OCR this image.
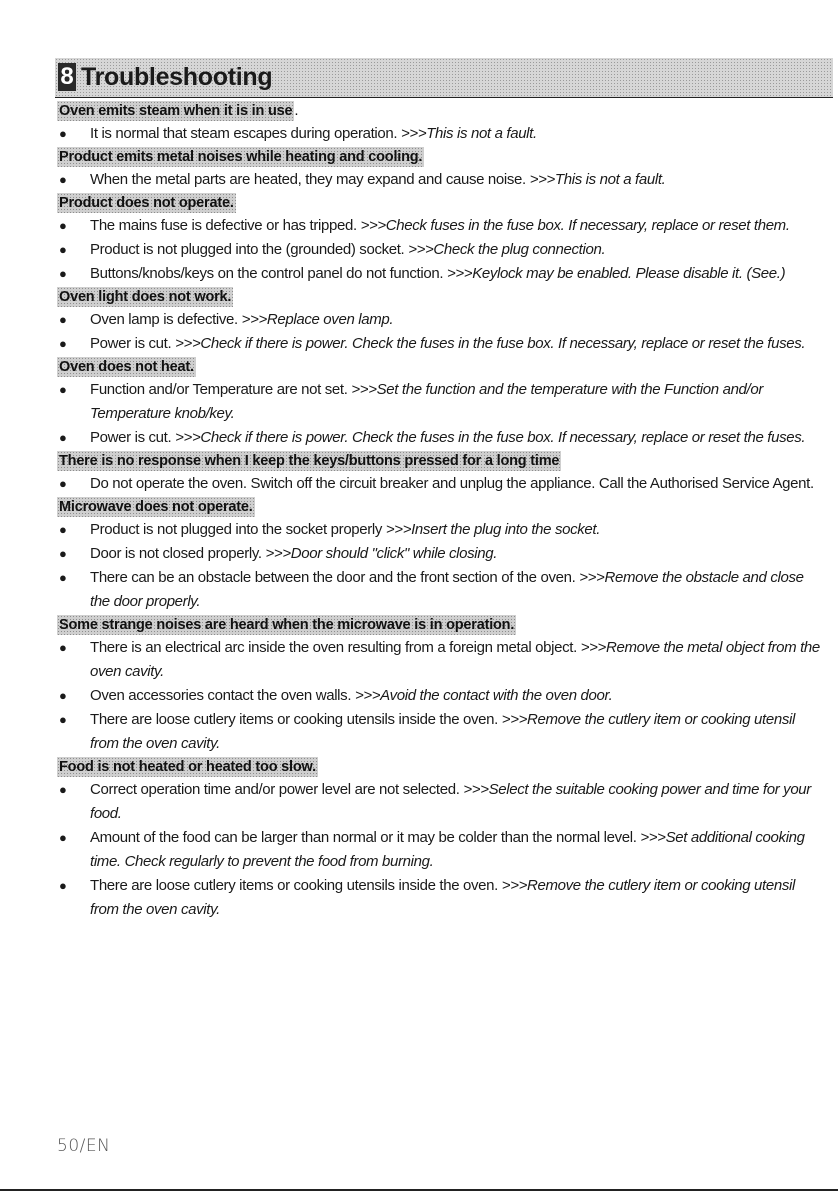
8 Troubleshooting
Oven emits steam when it is in use .
● It is normal that steam escapes during operation. >>>This is not a fault.
Product emits metal noises while heating and cooling.
● When the metal parts are heated, they may expand and cause noise. >>>This is not a fault.
Product does not operate.
● The mains fuse is defective or has tripped. >>>Check fuses in the fuse box. If necessary, replace or reset them.
● Product is not plugged into the (grounded) socket. >>>Check the plug connection.
● Buttons/knobs/keys on the control panel do not function. >>>Keylock may be enabled. Please disable it. (See.)
Oven light does not work.
● Oven lamp is defective. >>>Replace oven lamp.
● Power is cut. >>>Check if there is power. Check the fuses in the fuse box. If necessary, replace or reset the fuses.
Oven does not heat.
● Function and/or Temperature are not set. >>>Set the function and the temperature with the Function and/or Temperature knob/key.
● Power is cut. >>>Check if there is power. Check the fuses in the fuse box. If necessary, replace or reset the fuses.
There is no response when I keep the keys/buttons pressed for a long time
● Do not operate the oven. Switch off the circuit breaker and unplug the appliance. Call the Authorised Service Agent.
Microwave does not operate.
● Product is not plugged into the socket properly >>>Insert the plug into the socket.
● Door is not closed properly. >>>Door should "click" while closing.
● There can be an obstacle between the door and the front section of the oven. >>>Remove the obstacle and close the door properly.
Some strange noises are heard when the microwave is in operation.
● There is an electrical arc inside the oven resulting from a foreign metal object. >>>Remove the metal object from the oven cavity.
● Oven accessories contact the oven walls. >>>Avoid the contact with the oven door.
● There are loose cutlery items or cooking utensils inside the oven. >>>Remove the cutlery item or cooking utensil from the oven cavity.
Food is not heated or heated too slow.
● Correct operation time and/or power level are not selected. >>>Select the suitable cooking power and time for your food.
● Amount of the food can be larger than normal or it may be colder than the normal level. >>>Set additional cooking time. Check regularly to prevent the food from burning.
● There are loose cutlery items or cooking utensils inside the oven. >>>Remove the cutlery item or cooking utensil from the oven cavity.
50/EN
